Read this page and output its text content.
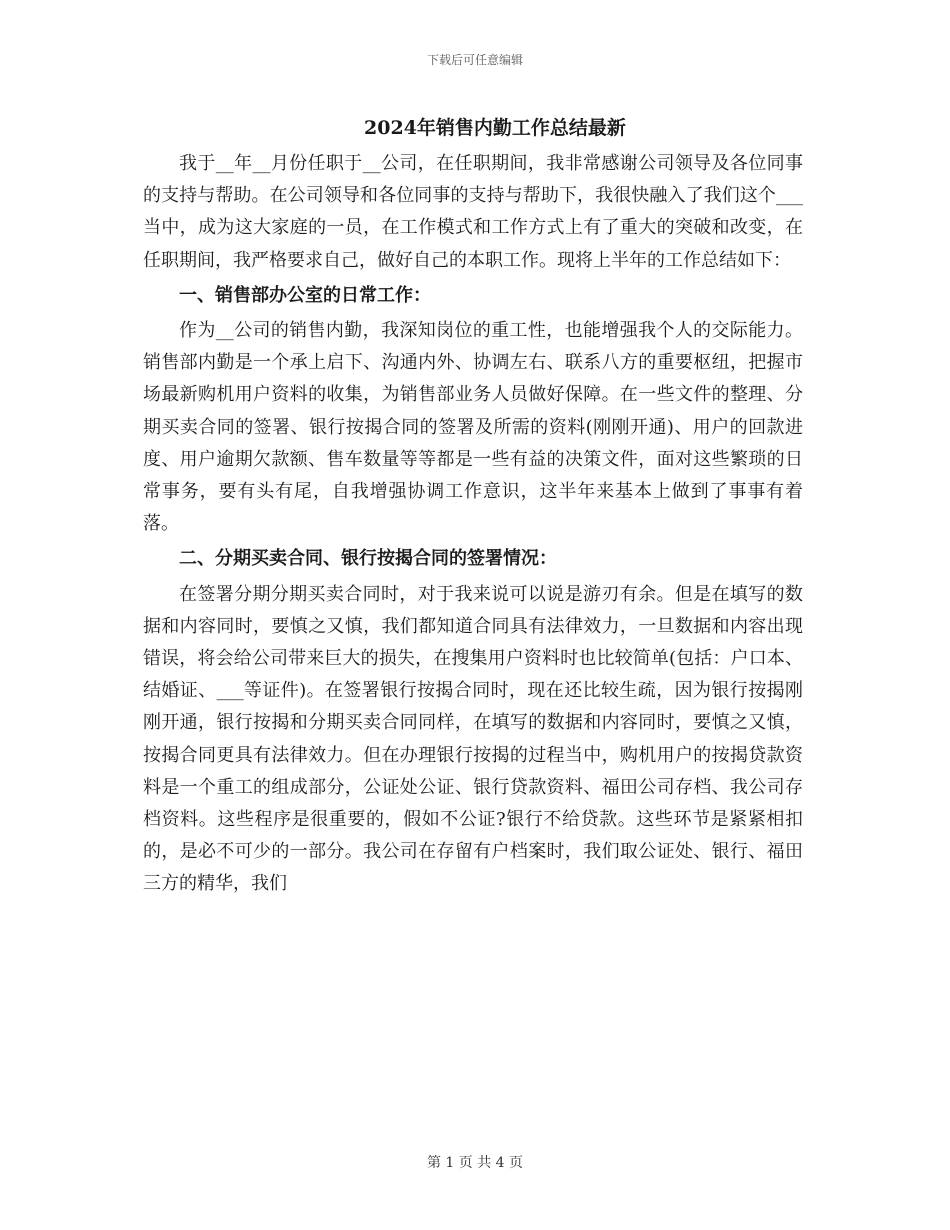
下载后可任意编辑
2024年销售内勤工作总结最新

我于__年__月份任职于__公司，在任职期间，我非常感谢公司领导及各位同事的支持与帮助。在公司领导和各位同事的支持与帮助下，我很快融入了我们这个___当中，成为这大家庭的一员，在工作模式和工作方式上有了重大的突破和改变，在任职期间，我严格要求自己，做好自己的本职工作。现将上半年的工作总结如下：

一、销售部办公室的日常工作：

作为__公司的销售内勤，我深知岗位的重工性，也能增强我个人的交际能力。销售部内勤是一个承上启下、沟通内外、协调左右、联系八方的重要枢纽，把握市场最新购机用户资料的收集，为销售部业务人员做好保障。在一些文件的整理、分期买卖合同的签署、银行按揭合同的签署及所需的资料(刚刚开通)、用户的回款进度、用户逾期欠款额、售车数量等等都是一些有益的决策文件，面对这些繁琐的日常事务，要有头有尾，自我增强协调工作意识，这半年来基本上做到了事事有着落。

二、分期买卖合同、银行按揭合同的签署情况：

在签署分期分期买卖合同时，对于我来说可以说是游刃有余。但是在填写的数据和内容同时，要慎之又慎，我们都知道合同具有法律效力，一旦数据和内容出现错误，将会给公司带来巨大的损失，在搜集用户资料时也比较简单(包括：户口本、结婚证、___等证件)。在签署银行按揭合同时，现在还比较生疏，因为银行按揭刚刚开通，银行按揭和分期买卖合同同样，在填写的数据和内容同时，要慎之又慎，按揭合同更具有法律效力。但在办理银行按揭的过程当中，购机用户的按揭贷款资料是一个重工的组成部分，公证处公证、银行贷款资料、福田公司存档、我公司存档资料。这些程序是很重要的，假如不公证?银行不给贷款。这些环节是紧紧相扣的，是必不可少的一部分。我公司在存留有户档案时，我们取公证处、银行、福田三方的精华，我们

第 1 页 共 4 页
